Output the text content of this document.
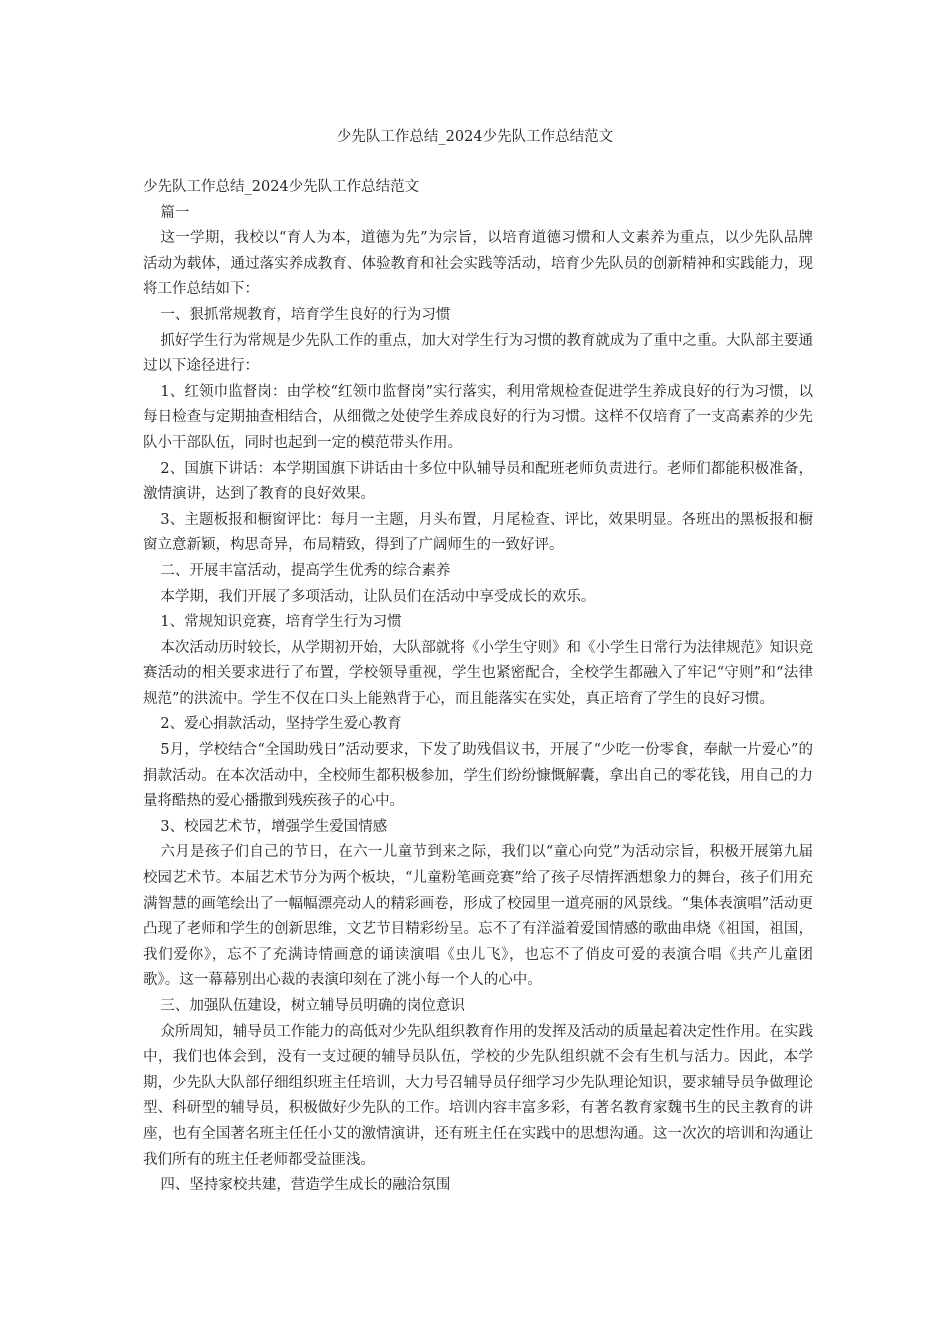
少先队工作总结_2024少先队工作总结范文

少先队工作总结_2024少先队工作总结范文

篇一

这一学期，我校以“育人为本，道德为先”为宗旨，以培育道德习惯和人文素养为重点，以少先队品牌活动为载体，通过落实养成教育、体验教育和社会实践等活动，培育少先队员的创新精神和实践能力，现将工作总结如下：

一、狠抓常规教育，培育学生良好的行为习惯

抓好学生行为常规是少先队工作的重点，加大对学生行为习惯的教育就成为了重中之重。大队部主要通过以下途径进行：

1、红领巾监督岗：由学校“红领巾监督岗”实行落实，利用常规检查促进学生养成良好的行为习惯，以每日检查与定期抽查相结合，从细微之处使学生养成良好的行为习惯。这样不仅培育了一支高素养的少先队小干部队伍，同时也起到一定的模范带头作用。

2、国旗下讲话：本学期国旗下讲话由十多位中队辅导员和配班老师负责进行。老师们都能积极准备，激情演讲，达到了教育的良好效果。

3、主题板报和橱窗评比：每月一主题，月头布置，月尾检查、评比，效果明显。各班出的黑板报和橱窗立意新颖，构思奇异，布局精致，得到了广阔师生的一致好评。

二、开展丰富活动，提高学生优秀的综合素养

本学期，我们开展了多项活动，让队员们在活动中享受成长的欢乐。

1、常规知识竞赛，培育学生行为习惯

本次活动历时较长，从学期初开始，大队部就将《小学生守则》和《小学生日常行为法律规范》知识竞赛活动的相关要求进行了布置，学校领导重视，学生也紧密配合，全校学生都融入了牢记“守则”和“法律规范”的洪流中。学生不仅在口头上能熟背于心，而且能落实在实处，真正培育了学生的良好习惯。

2、爱心捐款活动，坚持学生爱心教育

5月，学校结合“全国助残日”活动要求，下发了助残倡议书，开展了“少吃一份零食，奉献一片爱心”的捐款活动。在本次活动中，全校师生都积极参加，学生们纷纷慷慨解囊，拿出自己的零花钱，用自己的力量将酷热的爱心播撒到残疾孩子的心中。

3、校园艺术节，增强学生爱国情感

六月是孩子们自己的节日，在六一儿童节到来之际，我们以“童心向党”为活动宗旨，积极开展第九届校园艺术节。本届艺术节分为两个板块，“儿童粉笔画竞赛”给了孩子尽情挥洒想象力的舞台，孩子们用充满智慧的画笔绘出了一幅幅漂亮动人的精彩画卷，形成了校园里一道亮丽的风景线。“集体表演唱”活动更凸现了老师和学生的创新思维，文艺节目精彩纷呈。忘不了有洋溢着爱国情感的歌曲串烧《祖国，祖国，我们爱你》，忘不了充满诗情画意的诵读演唱《虫儿飞》，也忘不了俏皮可爱的表演合唱《共产儿童团歌》。这一幕幕别出心裁的表演印刻在了洮小每一个人的心中。

三、加强队伍建设，树立辅导员明确的岗位意识

众所周知，辅导员工作能力的高低对少先队组织教育作用的发挥及活动的质量起着决定性作用。在实践中，我们也体会到，没有一支过硬的辅导员队伍，学校的少先队组织就不会有生机与活力。因此，本学期，少先队大队部仔细组织班主任培训，大力号召辅导员仔细学习少先队理论知识，要求辅导员争做理论型、科研型的辅导员，积极做好少先队的工作。培训内容丰富多彩，有著名教育家魏书生的民主教育的讲座，也有全国著名班主任任小艾的激情演讲，还有班主任在实践中的思想沟通。这一次次的培训和沟通让我们所有的班主任老师都受益匪浅。

四、坚持家校共建，营造学生成长的融洽氛围
